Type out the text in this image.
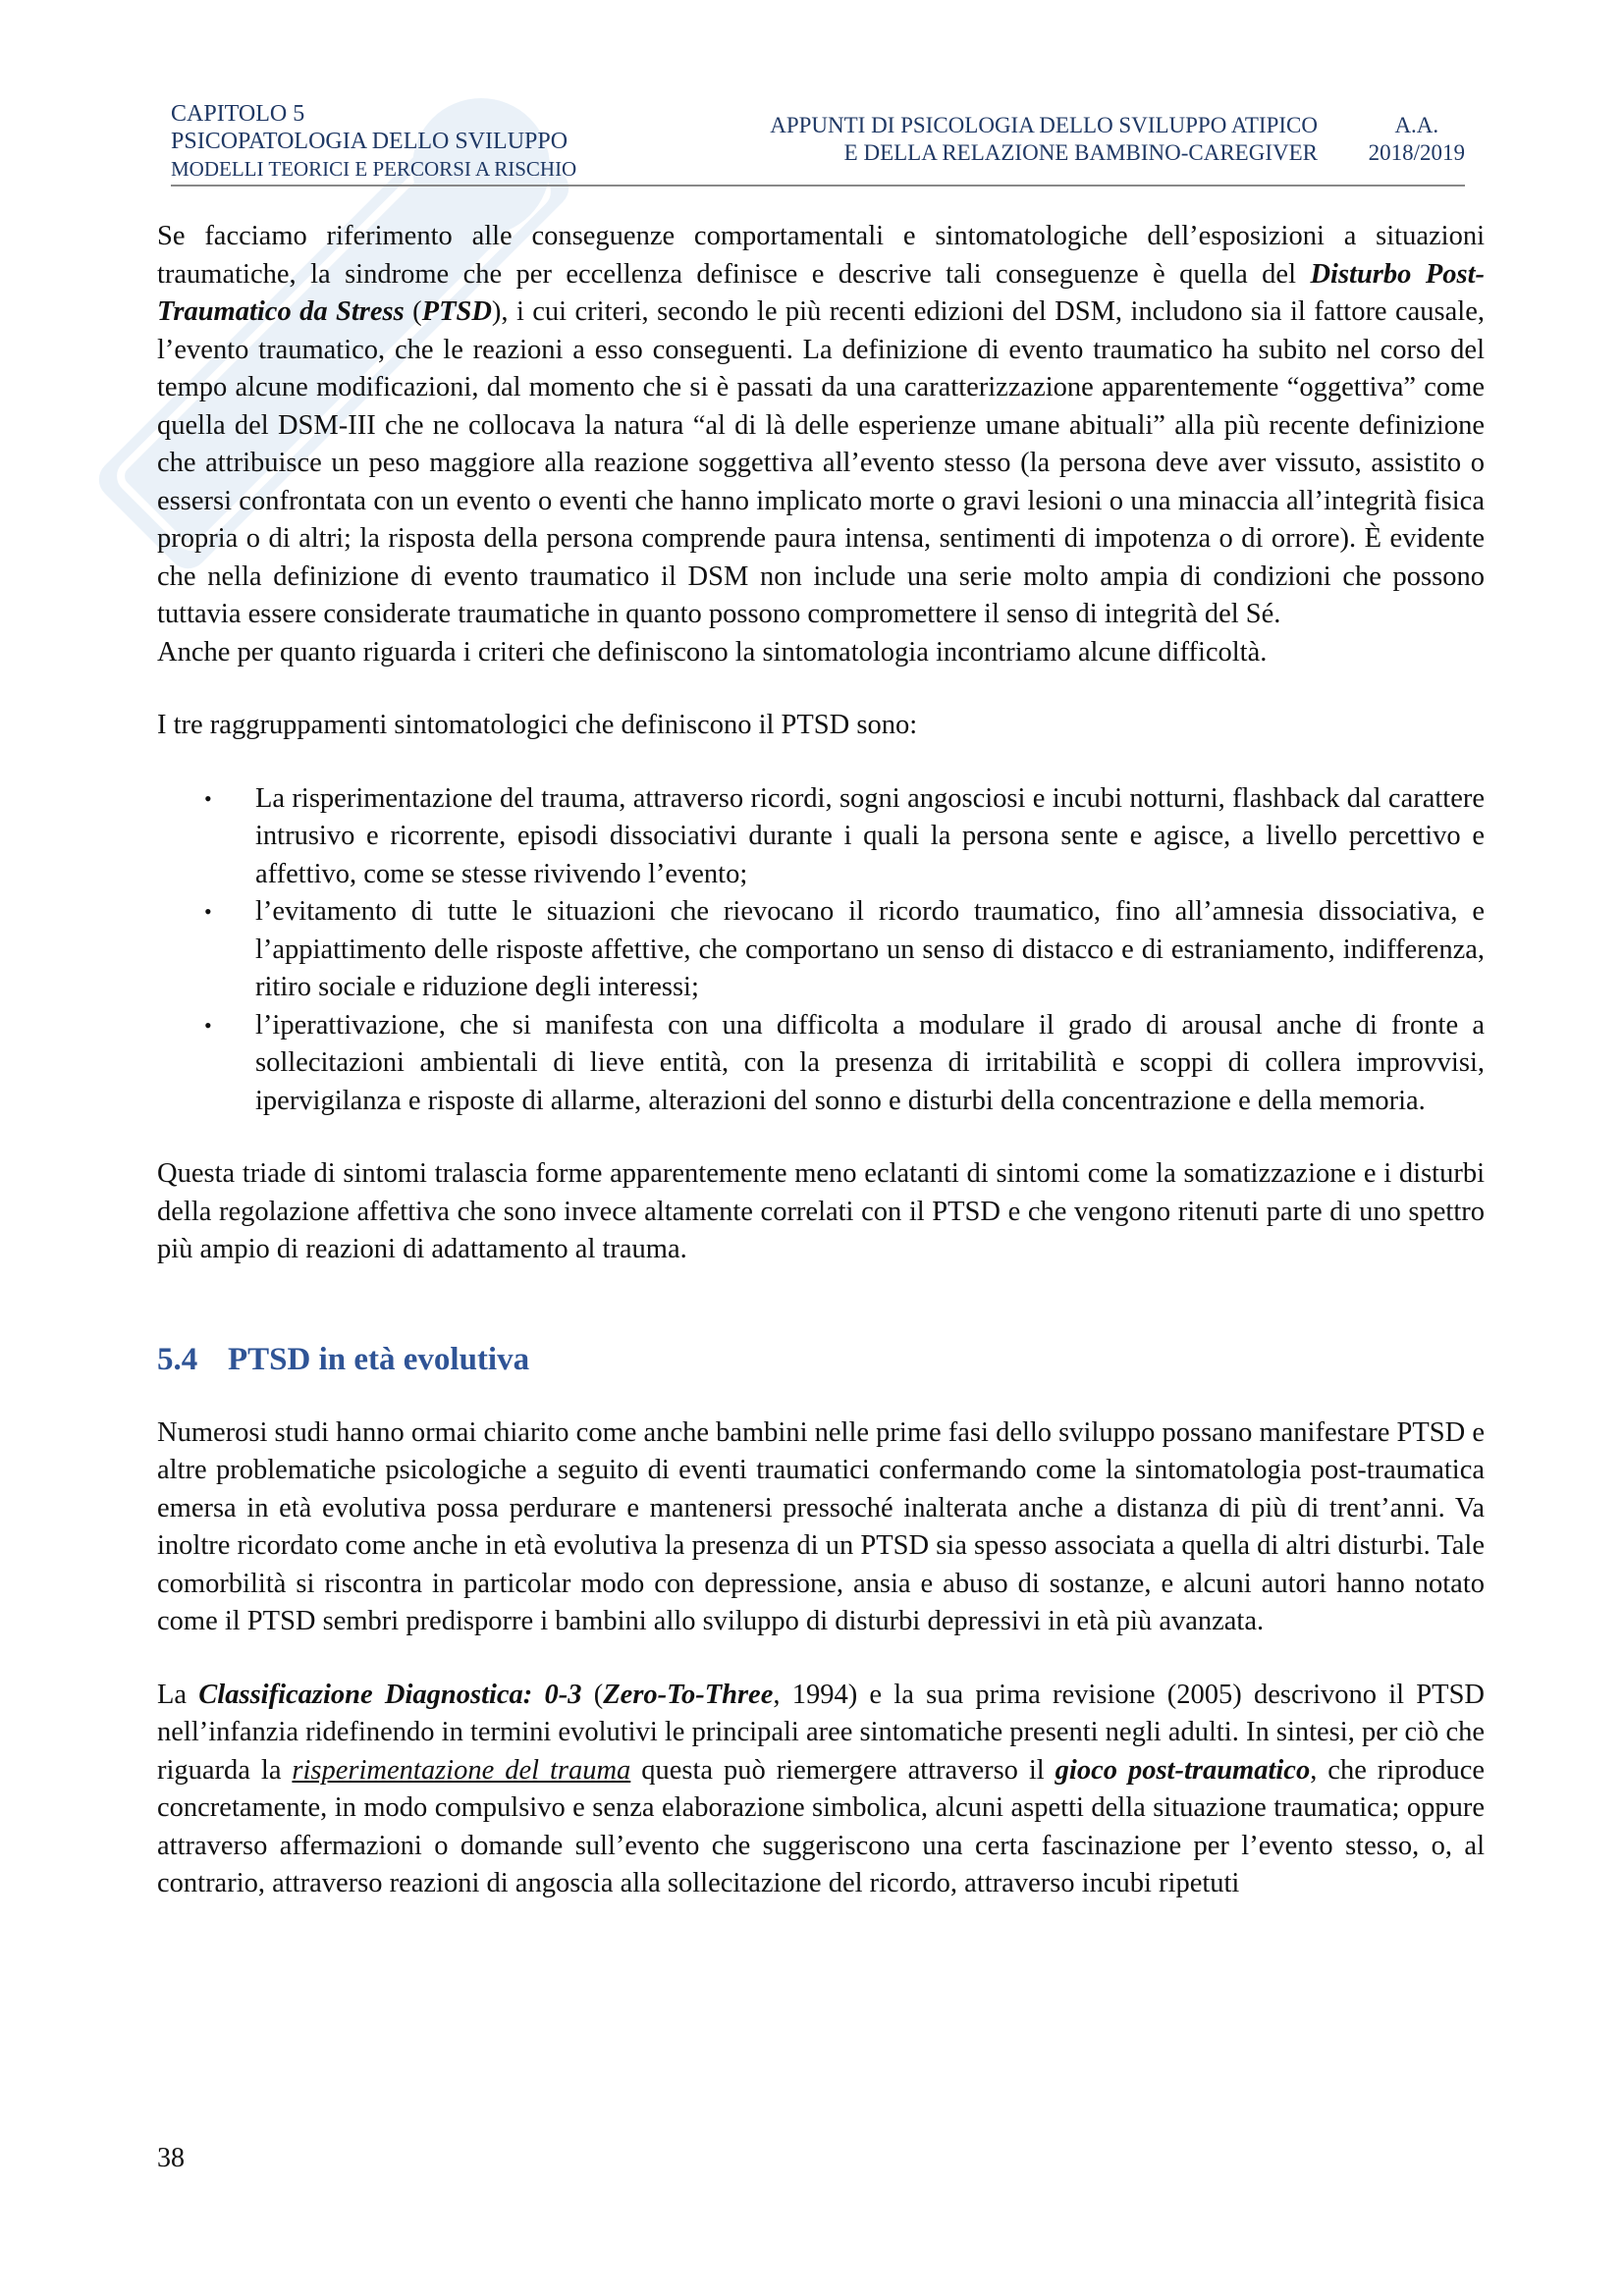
CAPITOLO 5
PSICOPATOLOGIA DELLO SVILUPPO
MODELLI TEORICI E PERCORSI A RISCHIO
APPUNTI DI PSICOLOGIA DELLO SVILUPPO ATIPICO
E DELLA RELAZIONE BAMBINO-CAREGIVER
A.A.
2018/2019

Se facciamo riferimento alle conseguenze comportamentali e sintomatologiche dell’esposizioni a situazioni traumatiche, la sindrome che per eccellenza definisce e descrive tali conseguenze è quella del Disturbo Post-Traumatico da Stress (PTSD), i cui criteri, secondo le più recenti edizioni del DSM, includono sia il fattore causale, l’evento traumatico, che le reazioni a esso conseguenti. La definizione di evento traumatico ha subito nel corso del tempo alcune modificazioni, dal momento che si è passati da una caratterizzazione apparentemente “oggettiva” come quella del DSM-III che ne collocava la natura “al di là delle esperienze umane abituali” alla più recente definizione che attribuisce un peso maggiore alla reazione soggettiva all’evento stesso (la persona deve aver vissuto, assistito o essersi confrontata con un evento o eventi che hanno implicato morte o gravi lesioni o una minaccia all’integrità fisica propria o di altri; la risposta della persona comprende paura intensa, sentimenti di impotenza o di orrore). È evidente che nella definizione di evento traumatico il DSM non include una serie molto ampia di condizioni che possono tuttavia essere considerate traumatiche in quanto possono compromettere il senso di integrità del Sé.

Anche per quanto riguarda i criteri che definiscono la sintomatologia incontriamo alcune difficoltà.

I tre raggruppamenti sintomatologici che definiscono il PTSD sono:

• La risperimentazione del trauma, attraverso ricordi, sogni angosciosi e incubi notturni, flashback dal carattere intrusivo e ricorrente, episodi dissociativi durante i quali la persona sente e agisce, a livello percettivo e affettivo, come se stesse rivivendo l’evento;
• l’evitamento di tutte le situazioni che rievocano il ricordo traumatico, fino all’amnesia dissociativa, e l’appiattimento delle risposte affettive, che comportano un senso di distacco e di estraniamento, indifferenza, ritiro sociale e riduzione degli interessi;
• l’iperattivazione, che si manifesta con una difficolta a modulare il grado di arousal anche di fronte a sollecitazioni ambientali di lieve entità, con la presenza di irritabilità e scoppi di collera improvvisi, ipervigilanza e risposte di allarme, alterazioni del sonno e disturbi della concentrazione e della memoria.

Questa triade di sintomi tralascia forme apparentemente meno eclatanti di sintomi come la somatizzazione e i disturbi della regolazione affettiva che sono invece altamente correlati con il PTSD e che vengono ritenuti parte di uno spettro più ampio di reazioni di adattamento al trauma.

5.4 PTSD in età evolutiva

Numerosi studi hanno ormai chiarito come anche bambini nelle prime fasi dello sviluppo possano manifestare PTSD e altre problematiche psicologiche a seguito di eventi traumatici confermando come la sintomatologia post-traumatica emersa in età evolutiva possa perdurare e mantenersi pressoché inalterata anche a distanza di più di trent’anni. Va inoltre ricordato come anche in età evolutiva la presenza di un PTSD sia spesso associata a quella di altri disturbi. Tale comorbilità si riscontra in particolar modo con depressione, ansia e abuso di sostanze, e alcuni autori hanno notato come il PTSD sembri predisporre i bambini allo sviluppo di disturbi depressivi in età più avanzata.

La Classificazione Diagnostica: 0-3 (Zero-To-Three, 1994) e la sua prima revisione (2005) descrivono il PTSD nell’infanzia ridefinendo in termini evolutivi le principali aree sintomatiche presenti negli adulti. In sintesi, per ciò che riguarda la risperimentazione del trauma questa può riemergere attraverso il gioco post-traumatico, che riproduce concretamente, in modo compulsivo e senza elaborazione simbolica, alcuni aspetti della situazione traumatica; oppure attraverso affermazioni o domande sull’evento che suggeriscono una certa fascinazione per l’evento stesso, o, al contrario, attraverso reazioni di angoscia alla sollecitazione del ricordo, attraverso incubi ripetuti

38
